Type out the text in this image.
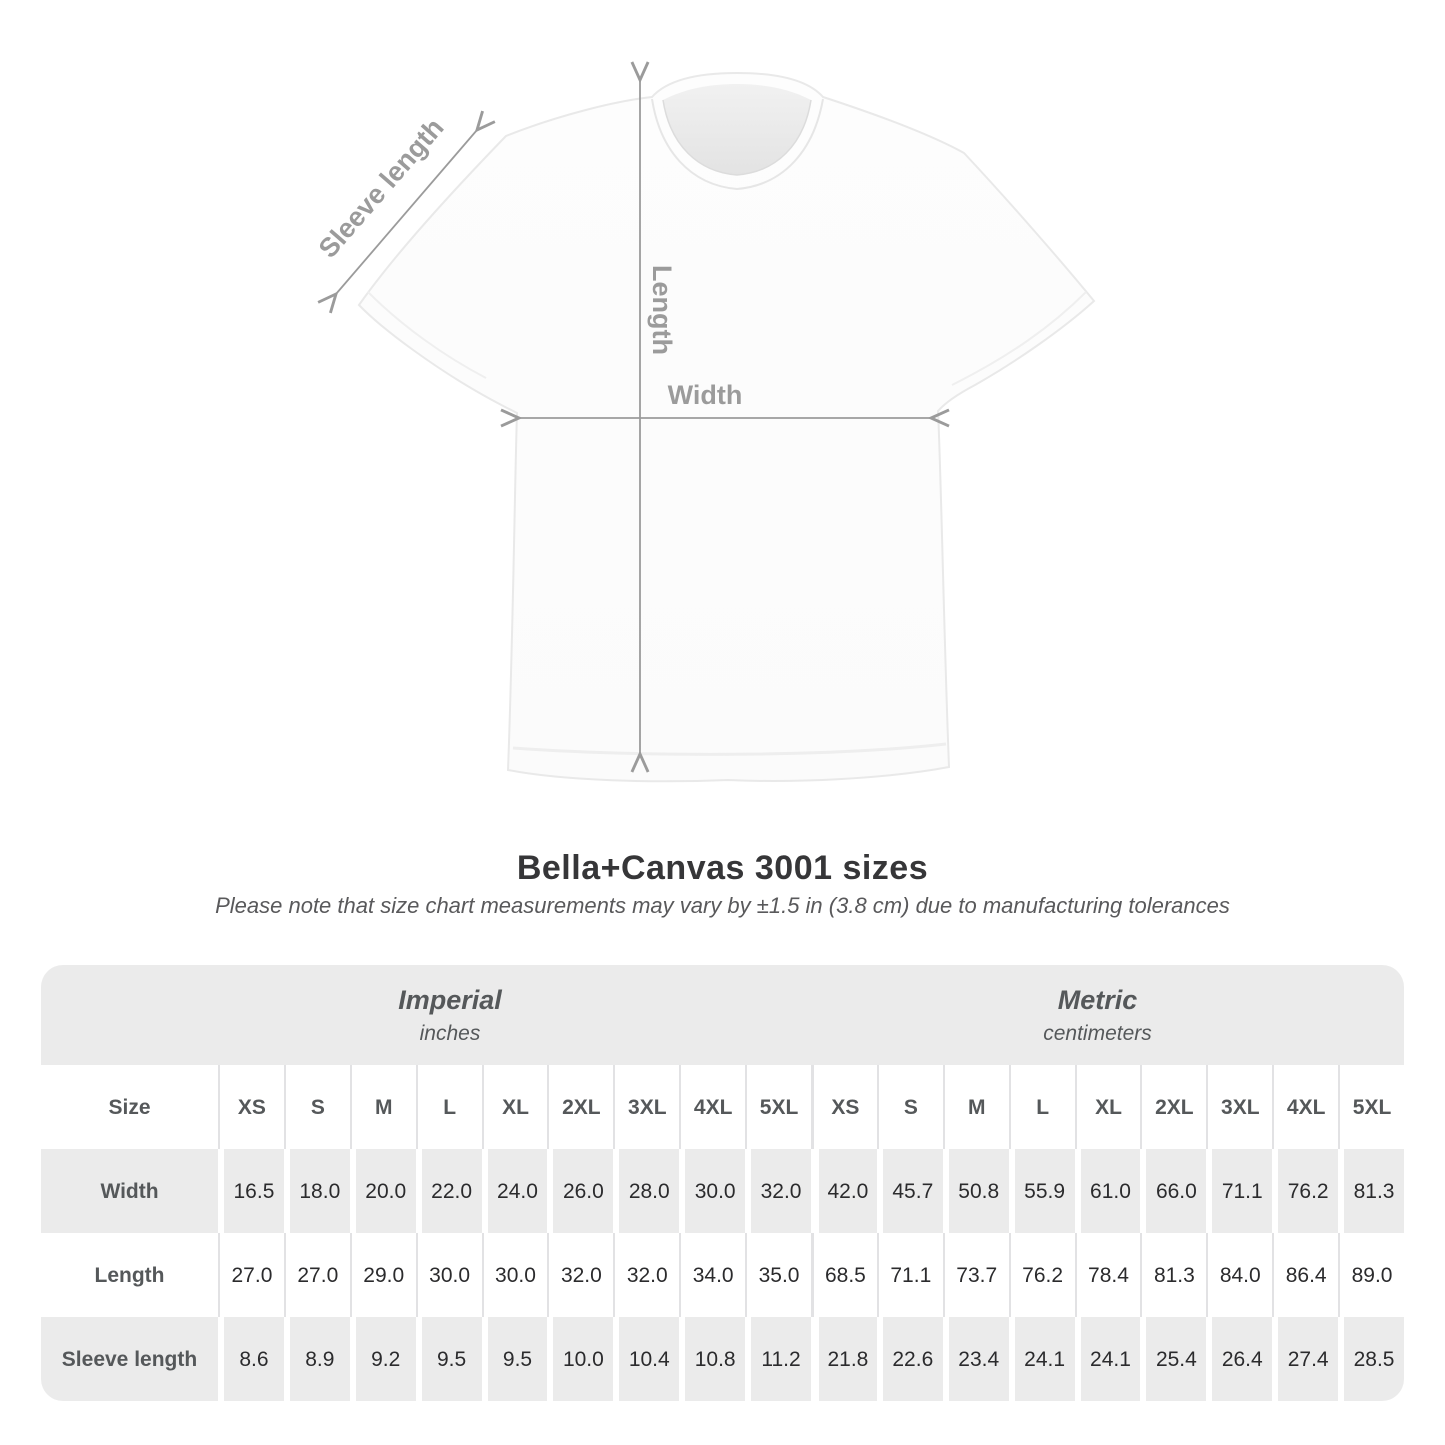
Length
Width
Sleeve length
Bella+Canvas 3001 sizes
Please note that size chart measurements may vary by ±1.5 in (3.8 cm) due to manufacturing tolerances
Imperial
inches
Metric
centimeters
Size	XS	S	M	L	XL	2XL	3XL	4XL	5XL	XS	S	M	L	XL	2XL	3XL	4XL	5XL
Width	16.5	18.0	20.0	22.0	24.0	26.0	28.0	30.0	32.0	42.0	45.7	50.8	55.9	61.0	66.0	71.1	76.2	81.3
Length	27.0	27.0	29.0	30.0	30.0	32.0	32.0	34.0	35.0	68.5	71.1	73.7	76.2	78.4	81.3	84.0	86.4	89.0
Sleeve length	8.6	8.9	9.2	9.5	9.5	10.0	10.4	10.8	11.2	21.8	22.6	23.4	24.1	24.1	25.4	26.4	27.4	28.5
